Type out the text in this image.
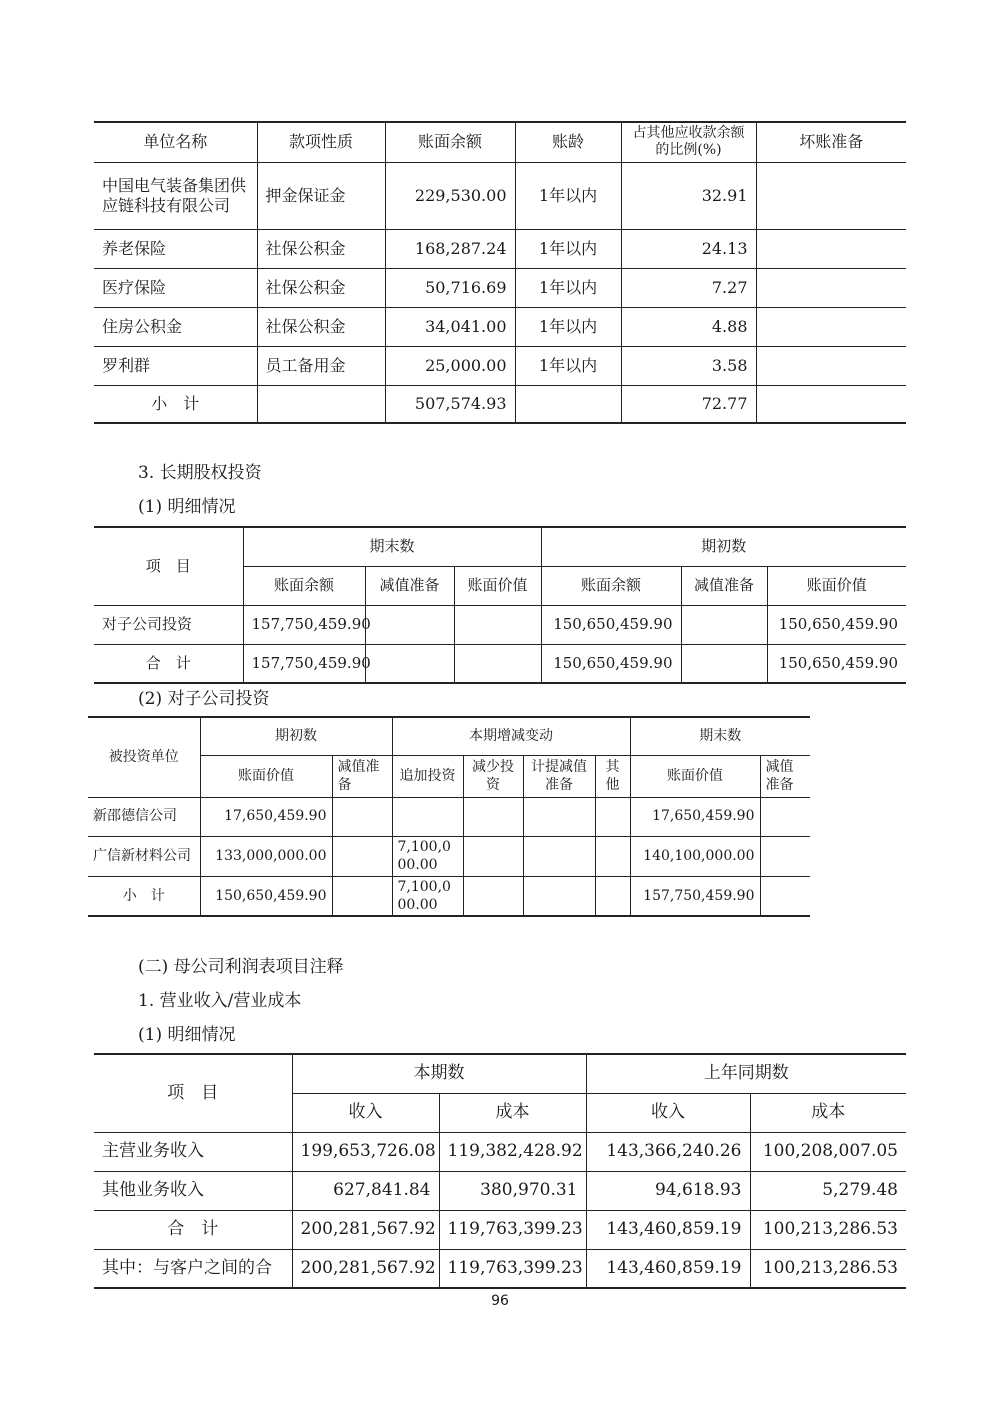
单位名称	款项性质	账面余额	账龄	占其他应收款余额的比例(%)	坏账准备
中国电气装备集团供应链科技有限公司	押金保证金	229,530.00	1年以内	32.91	
养老保险	社保公积金	168,287.24	1年以内	24.13	
医疗保险	社保公积金	50,716.69	1年以内	7.27	
住房公积金	社保公积金	34,041.00	1年以内	4.88	
罗利群	员工备用金	25,000.00	1年以内	3.58	
小　计		507,574.93		72.77	
3. 长期股权投资
(1) 明细情况
项　目	期末数			期初数		
	账面余额	减值准备	账面价值	账面余额	减值准备	账面价值
对子公司投资	157,750,459.90			150,650,459.90		150,650,459.90
合　计	157,750,459.90			150,650,459.90		150,650,459.90
(2) 对子公司投资
被投资单位	期初数		本期增减变动				期末数	
	账面价值	减值准备	追加投资	减少投资	计提减值准备	其他	账面价值	减值准备
新邵德信公司	17,650,459.90						17,650,459.90	
广信新材料公司	133,000,000.00		7,100,000.00				140,100,000.00	
小　计	150,650,459.90		7,100,000.00				157,750,459.90	
(二) 母公司利润表项目注释
1. 营业收入/营业成本
(1) 明细情况
项　目	本期数		上年同期数	
	收入	成本	收入	成本
主营业务收入	199,653,726.08	119,382,428.92	143,366,240.26	100,208,007.05
其他业务收入	627,841.84	380,970.31	94,618.93	5,279.48
合　计	200,281,567.92	119,763,399.23	143,460,859.19	100,213,286.53
其中：与客户之间的合	200,281,567.92	119,763,399.23	143,460,859.19	100,213,286.53
96
